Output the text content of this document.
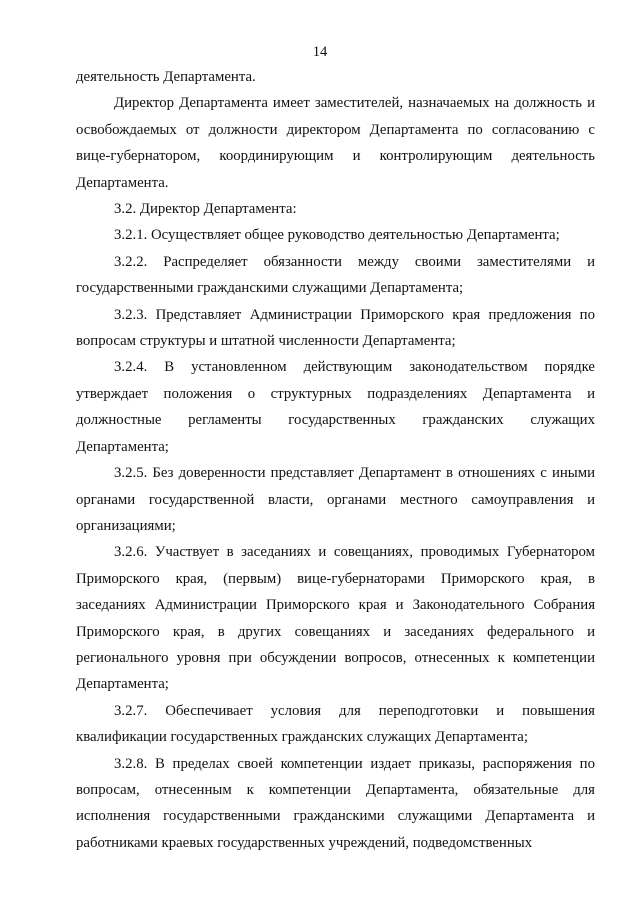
14

деятельность Департамента.

Директор Департамента имеет заместителей, назначаемых на должность и освобождаемых от должности директором Департамента по согласованию с вице-губернатором, координирующим и контролирующим деятельность Департамента.

3.2. Директор Департамента:

3.2.1. Осуществляет общее руководство деятельностью Департамента;

3.2.2. Распределяет обязанности между своими заместителями и государственными гражданскими служащими Департамента;

3.2.3. Представляет Администрации Приморского края предложения по вопросам структуры и штатной численности Департамента;

3.2.4. В установленном действующим законодательством порядке утверждает положения о структурных подразделениях Департамента и должностные регламенты государственных гражданских служащих Департамента;

3.2.5. Без доверенности представляет Департамент в отношениях с иными органами государственной власти, органами местного самоуправления и организациями;

3.2.6. Участвует в заседаниях и совещаниях, проводимых Губернатором Приморского края, (первым) вице-губернаторами Приморского края, в заседаниях Администрации Приморского края и Законодательного Собрания Приморского края, в других совещаниях и заседаниях федерального и регионального уровня при обсуждении вопросов, отнесенных к компетенции Департамента;

3.2.7. Обеспечивает условия для переподготовки и повышения квалификации государственных гражданских служащих Департамента;

3.2.8. В пределах своей компетенции издает приказы, распоряжения по вопросам, отнесенным к компетенции Департамента, обязательные для исполнения государственными гражданскими служащими Департамента и работниками краевых государственных учреждений, подведомственных
